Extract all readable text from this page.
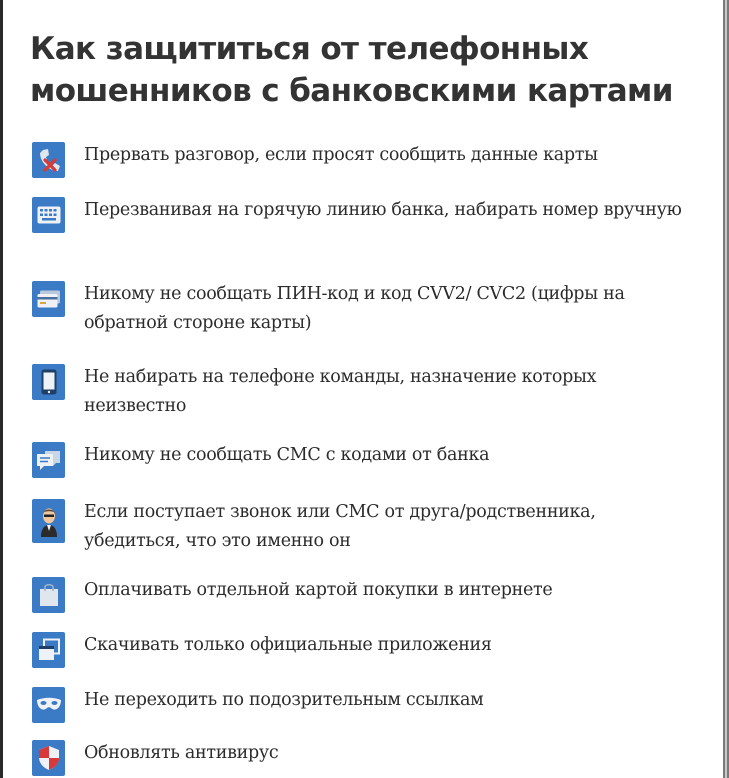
Как защититься от телефонных
мошенников с банковскими картами
Прервать разговор, если просят сообщить данные карты
Перезванивая на горячую линию банка, набирать номер вручную
Никому не сообщать ПИН-код и код CVV2/ CVC2 (цифры на обратной стороне карты)
Не набирать на телефоне команды, назначение которых неизвестно
Никому не сообщать СМС с кодами от банка
Если поступает звонок или СМС от друга/родственника, убедиться, что это именно он
Оплачивать отдельной картой покупки в интернете
Скачивать только официальные приложения
Не переходить по подозрительным ссылкам
Обновлять антивирус
